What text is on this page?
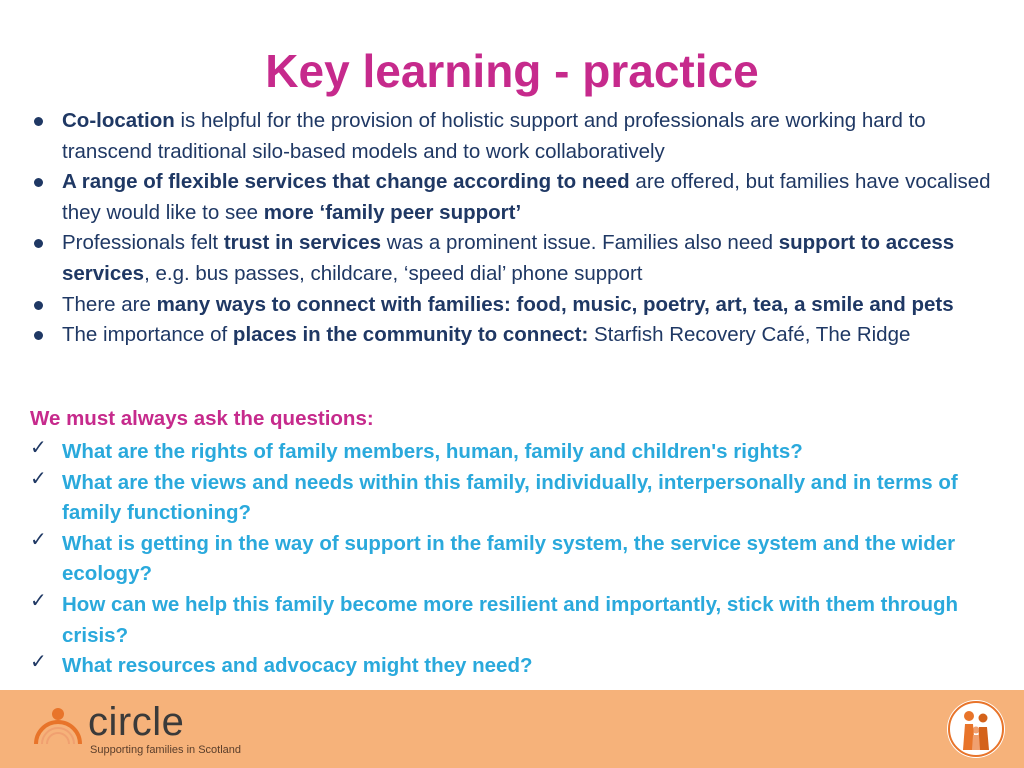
Key learning - practice
Co-location is helpful for the provision of holistic support and professionals are working hard to transcend traditional silo-based models and to work collaboratively
A range of flexible services that change according to need are offered, but families have vocalised they would like to see more ‘family peer support’
Professionals felt trust in services was a prominent issue. Families also need support to access services, e.g. bus passes, childcare, ‘speed dial’ phone support
There are many ways to connect with families: food, music, poetry, art, tea, a smile and pets
The importance of places in the community to connect: Starfish Recovery Café, The Ridge
We must always ask the questions:
✓ What are the rights of family members, human, family and children's rights?
✓ What are the views and needs within this family, individually, interpersonally and in terms of family functioning?
✓ What is getting in the way of support in the family system, the service system and the wider ecology?
✓ How can we help this family become more resilient and importantly, stick with them through crisis?
✓ What resources and advocacy might they need?
circle
Supporting families in Scotland
